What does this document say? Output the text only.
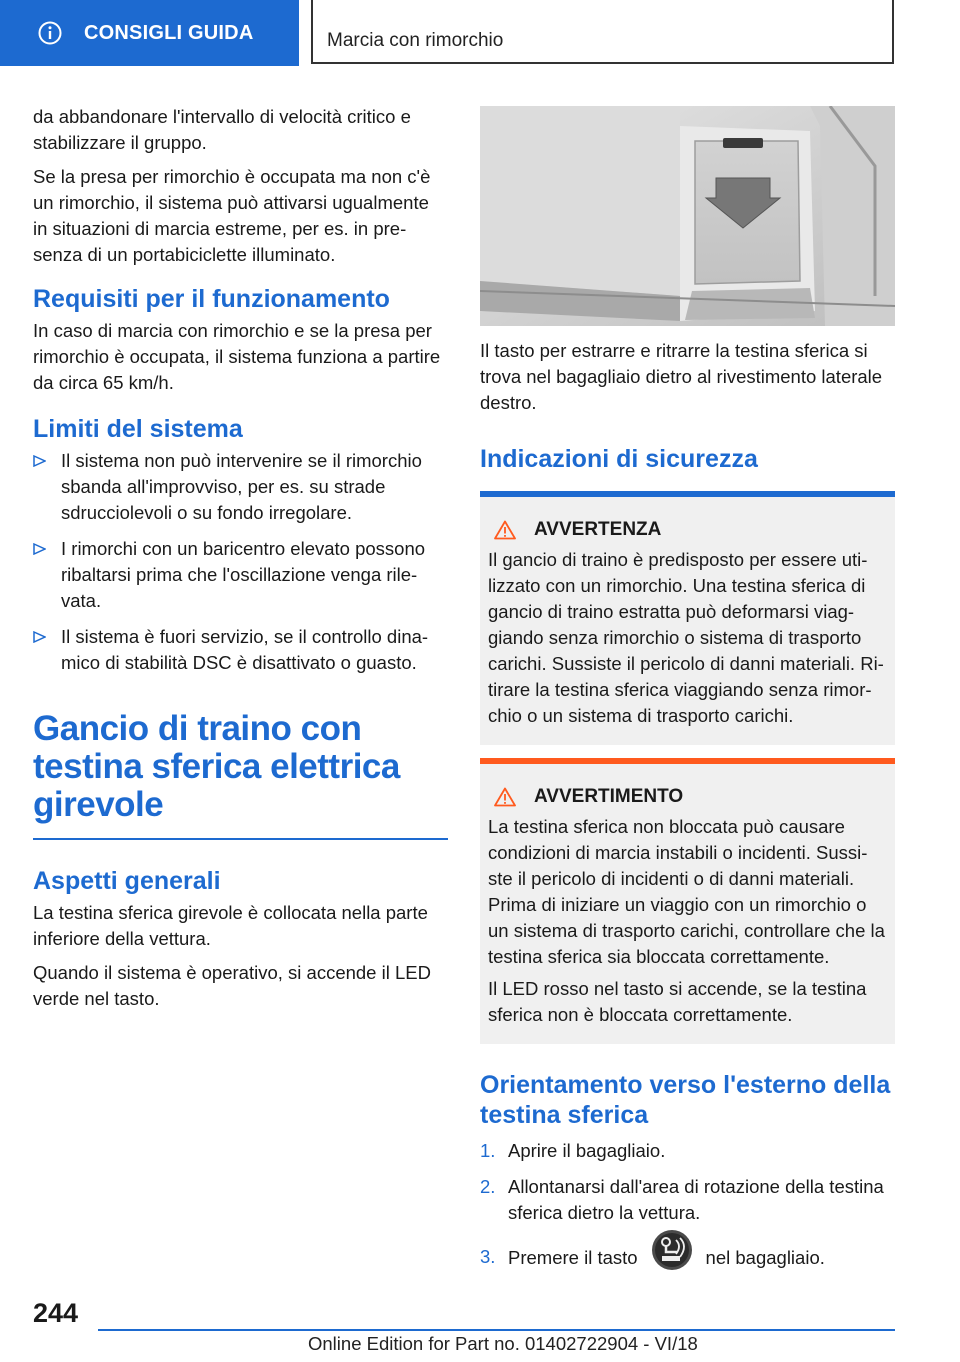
CONSIGLI GUIDA	Marcia con rimorchio

da abbandonare l'intervallo di velocità critico e stabilizzare il gruppo.

Se la presa per rimorchio è occupata ma non c'è un rimorchio, il sistema può attivarsi ugualmente in situazioni di marcia estreme, per es. in pre-senza di un portabiciclette illuminato.

Requisiti per il funzionamento

In caso di marcia con rimorchio e se la presa per rimorchio è occupata, il sistema funziona a partire da circa 65 km/h.

Limiti del sistema
Il sistema non può intervenire se il rimorchio sbanda all'improvviso, per es. su strade sdrucciolevoli o su fondo irregolare.
I rimorchi con un baricentro elevato possono ribaltarsi prima che l'oscillazione venga rile-vata.
Il sistema è fuori servizio, se il controllo dina-mico di stabilità DSC è disattivato o guasto.
Gancio di traino con testina sferica elettrica girevole
Aspetti generali

La testina sferica girevole è collocata nella parte inferiore della vettura.

Quando il sistema è operativo, si accende il LED verde nel tasto.

Il tasto per estrarre e ritrarre la testina sferica si trova nel bagagliaio dietro al rivestimento laterale destro.

Indicazioni di sicurezza
AVVERTENZA

Il gancio di traino è predisposto per essere uti-lizzato con un rimorchio. Una testina sferica di gancio di traino estratta può deformarsi viag-giando senza rimorchio o sistema di trasporto carichi. Sussiste il pericolo di danni materiali. Ri-tirare la testina sferica viaggiando senza rimor-chio o un sistema di trasporto carichi.

AVVERTIMENTO

La testina sferica non bloccata può causare condizioni di marcia instabili o incidenti. Sussi-ste il pericolo di incidenti o di danni materiali. Prima di iniziare un viaggio con un rimorchio o un sistema di trasporto carichi, controllare che la testina sferica sia bloccata correttamente.

Il LED rosso nel tasto si accende, se la testina sferica non è bloccata correttamente.

Orientamento verso l'esterno della testina sferica
1. Aprire il bagagliaio.
2. Allontanarsi dall'area di rotazione della testina sferica dietro la vettura.
3. Premere il tasto	nel bagagliaio.
244
Online Edition for Part no. 01402722904 - VI/18
